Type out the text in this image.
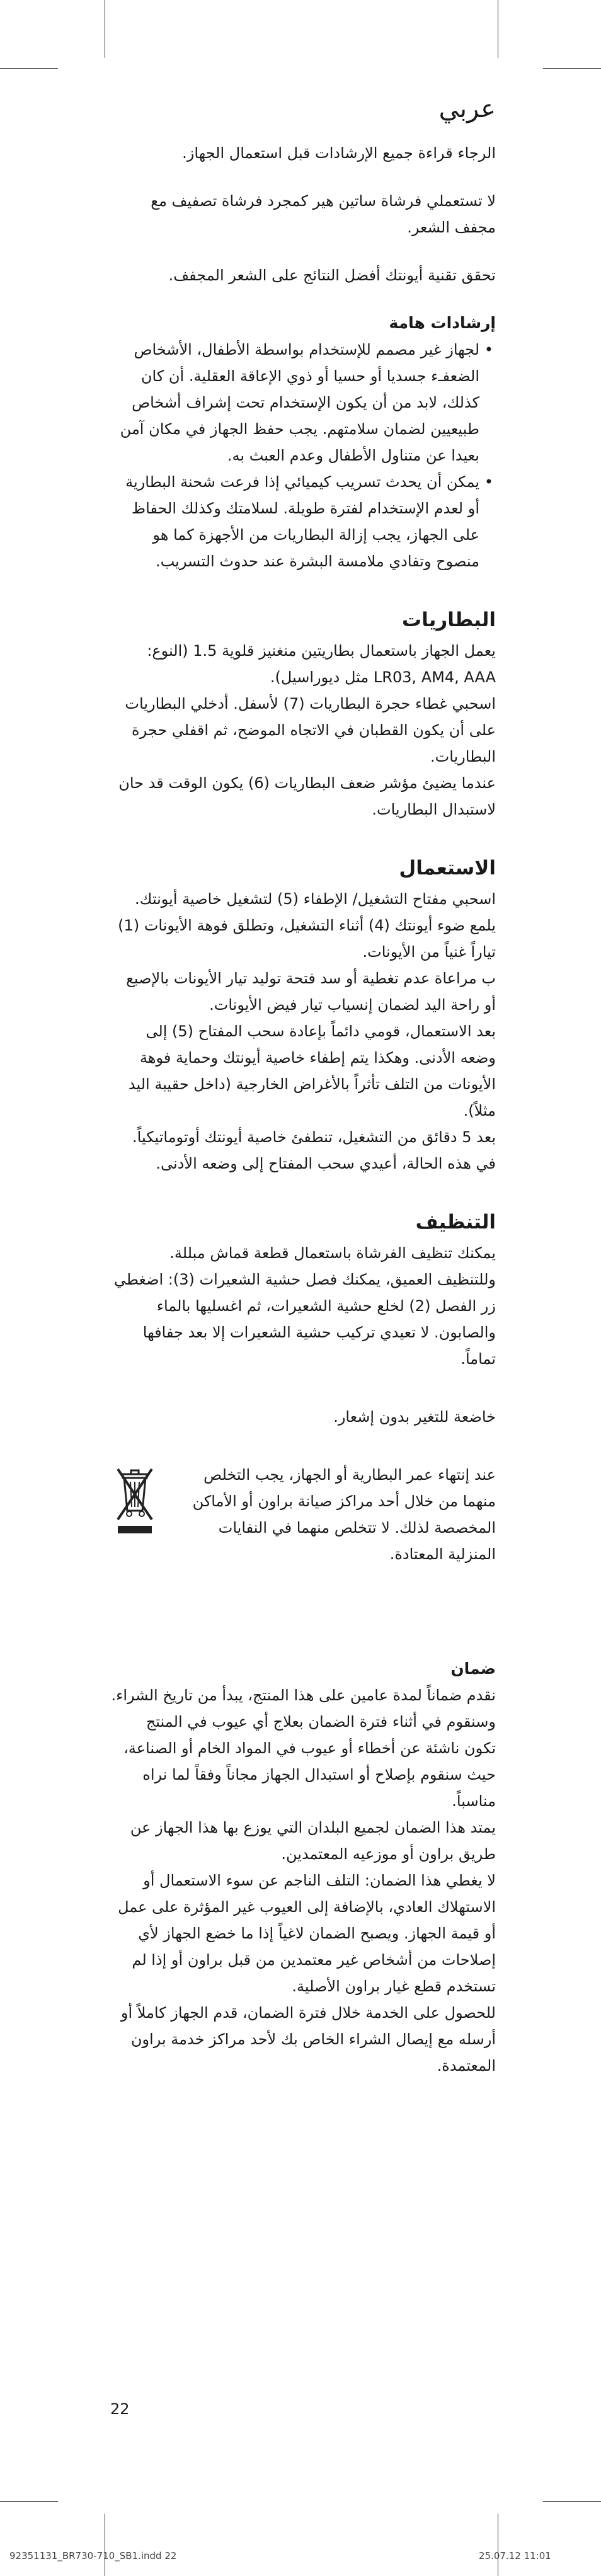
عربي

الرجاء قراءة جميع الإرشادات قبل استعمال الجهاز.

لا تستعملي فرشاة ساتين هير كمجرد فرشاة تصفيف مع مجفف الشعر.

تحقق تقنية أيونتك أفضل النتائج على الشعر المجفف.

إرشادات هامة
• لجهاز غير مصمم للإستخدام بواسطة الأطفال، الأشخاص الضعفـء جسديا أو حسيا أو ذوي الإعاقة العقلية. أن كان كذلك، لابد من أن يكون الإستخدام تحت إشراف أشخاص طبيعيين لضمان سلامتهم. يجب حفظ الجهاز في مكان آمن بعيدا عن متناول الأطفال وعدم العبث به.
• يمكن أن يحدث تسريب كيميائي إذا فرعت شحنة البطارية أو لعدم الإستخدام لفترة طويلة. لسلامتك وكذلك الحفاظ على الجهاز، يجب إزالة البطاريات من الأجهزة كما هو منصوح وتفادي ملامسة البشرة عند حدوث التسريب.
البطاريات

يعمل الجهاز باستعمال بطاريتين منغنيز قلوية 1.5 (النوع: LR03, AM4, AAA مثل ديوراسيل).

اسحبي غطاء حجرة البطاريات (7) لأسفل. أدخلي البطاريات على أن يكون القطبان في الاتجاه الموضح، ثم اقفلي حجرة البطاريات.

عندما يضيئ مؤشر ضعف البطاريات (6) يكون الوقت قد حان لاستبدال البطاريات.

الاستعمال

اسحبي مفتاح التشغيل/ الإطفاء (5) لتشغيل خاصية أيونتك. يلمع ضوء أيونتك (4) أثناء التشغيل، وتطلق فوهة الأيونات (1) تياراً غنياً من الأيونات.

ب مراعاة عدم تغطية أو سد فتحة توليد تيار الأيونات بالإصبع أو راحة اليد لضمان إنسياب تيار فيض الأيونات.

بعد الاستعمال، قومي دائماً بإعادة سحب المفتاح (5) إلى وضعه الأدنى. وهكذا يتم إطفاء خاصية أيونتك وحماية فوهة الأيونات من التلف تأثراً بالأغراض الخارجية (داخل حقيبة اليد مثلاً).

بعد 5 دقائق من التشغيل، تنطفئ خاصية أيونتك أوتوماتيكياً. في هذه الحالة، أعيدي سحب المفتاح إلى وضعه الأدنى.

التنظيف

يمكنك تنظيف الفرشاة باستعمال قطعة قماش مبللة. وللتنظيف العميق، يمكنك فصل حشية الشعيرات (3): اضغطي زر الفصل (2) لخلع حشية الشعيرات، ثم اغسليها بالماء والصابون. لا تعيدي تركيب حشية الشعيرات إلا بعد جفافها تماماً.

خاضعة للتغير بدون إشعار.

عند إنتهاء عمر البطارية أو الجهاز، يجب التخلص منهما من خلال أحد مراكز صيانة براون أو الأماكن المخصصة لذلك. لا تتخلص منهما في النفايات المنزلية المعتادة.

ضمان

نقدم ضماناً لمدة عامين على هذا المنتج، يبدأ من تاريخ الشراء. وسنقوم في أثناء فترة الضمان بعلاج أي عيوب في المنتج تكون ناشئة عن أخطاء أو عيوب في المواد الخام أو الصناعة، حيث سنقوم بإصلاح أو استبدال الجهاز مجاناً وفقاً لما نراه مناسباً.

يمتد هذا الضمان لجميع البلدان التي يوزع بها هذا الجهاز عن طريق براون أو موزعيه المعتمدين.

لا يغطي هذا الضمان: التلف الناجم عن سوء الاستعمال أو الاستهلاك العادي، بالإضافة إلى العيوب غير المؤثرة على عمل أو قيمة الجهاز. ويصبح الضمان لاغياً إذا ما خضع الجهاز لأي إصلاحات من أشخاص غير معتمدين من قبل براون أو إذا لم تستخدم قطع غيار براون الأصلية.

للحصول على الخدمة خلال فترة الضمان، قدم الجهاز كاملاً أو أرسله مع إيصال الشراء الخاص بك لأحد مراكز خدمة براون المعتمدة.

22
92351131_BR730-710_SB1.indd 22	25.07.12 11:01
